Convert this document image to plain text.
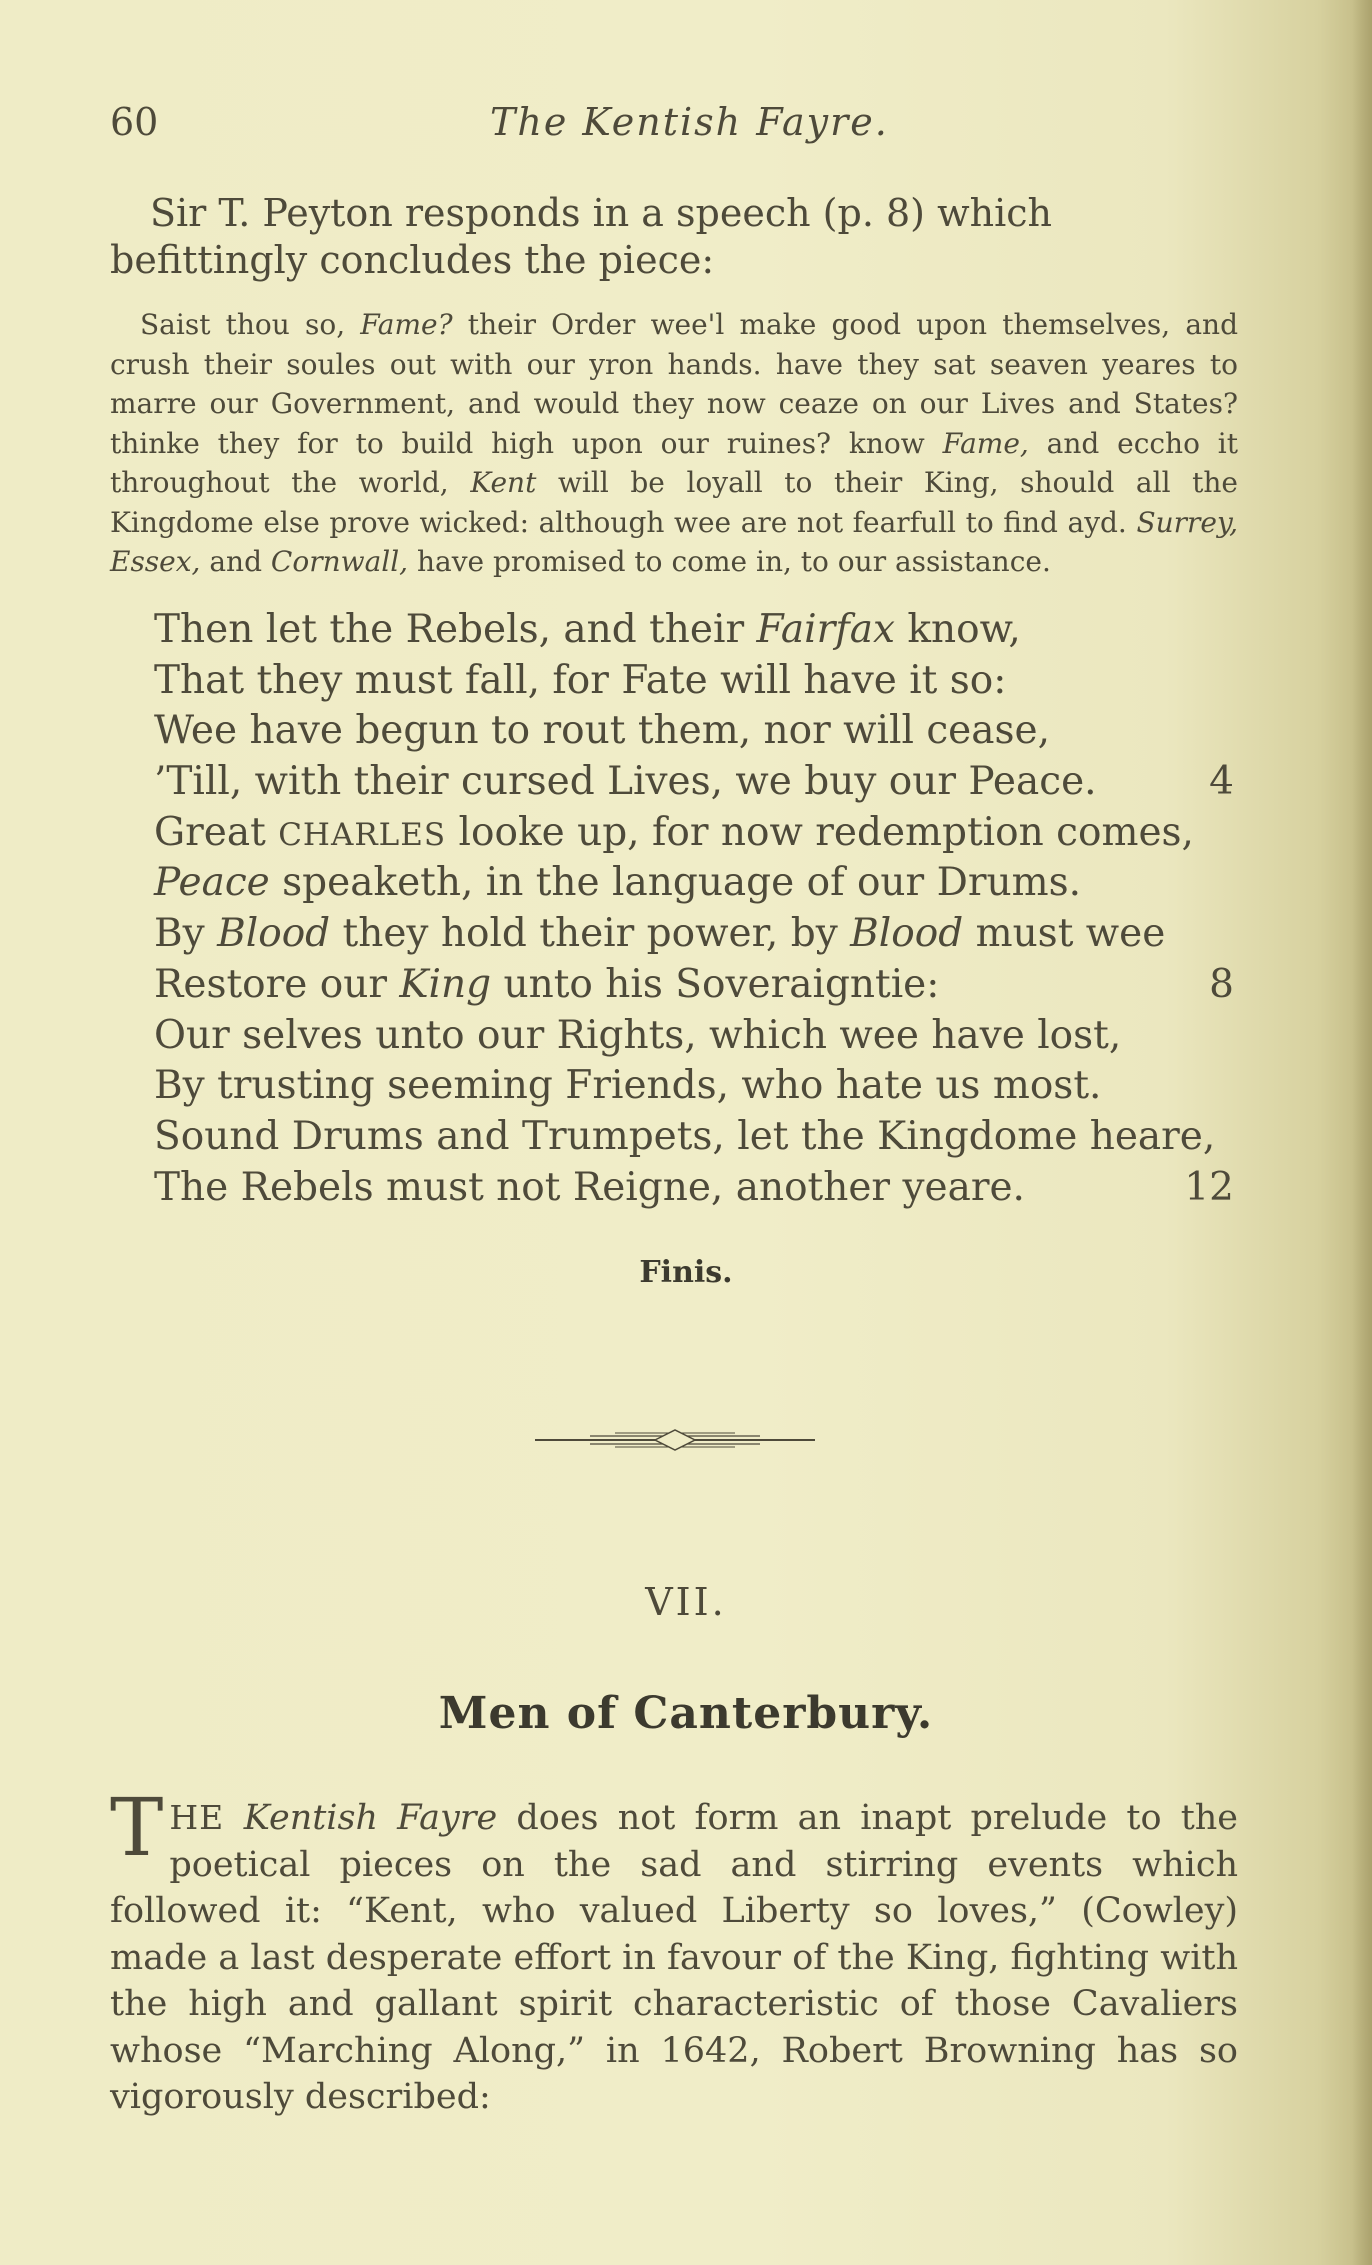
60	The Kentish Fayre.

Sir T. Peyton responds in a speech (p. 8) which befittingly concludes the piece:

Saist thou so, Fame? their Order wee'l make good upon themselves, and crush their soules out with our yron hands. have they sat seaven yeares to marre our Government, and would they now ceaze on our Lives and States? thinke they for to build high upon our ruines? know Fame, and eccho it throughout the world, Kent will be loyall to their King, should all the Kingdome else prove wicked: although wee are not fearfull to find ayd. Surrey, Essex, and Cornwall, have promised to come in, to our assistance.

Then let the Rebels, and their Fairfax know,
That they must fall, for Fate will have it so:
Wee have begun to rout them, nor will cease,
’Till, with their cursed Lives, we buy our Peace.	4
Great CHARLES looke up, for now redemption comes,
Peace speaketh, in the language of our Drums.
By Blood they hold their power, by Blood must wee
Restore our King unto his Soveraigntie:	8
Our selves unto our Rights, which wee have lost,
By trusting seeming Friends, who hate us most.
Sound Drums and Trumpets, let the Kingdome heare,
The Rebels must not Reigne, another yeare.	12
Finis.
VII.
Men of Canterbury.

THE Kentish Fayre does not form an inapt prelude to the poetical pieces on the sad and stirring events which followed it: “Kent, who valued Liberty so loves,” (Cowley) made a last desperate effort in favour of the King, fighting with the high and gallant spirit characteristic of those Cavaliers whose “Marching Along,” in 1642, Robert Browning has so vigorously described:
